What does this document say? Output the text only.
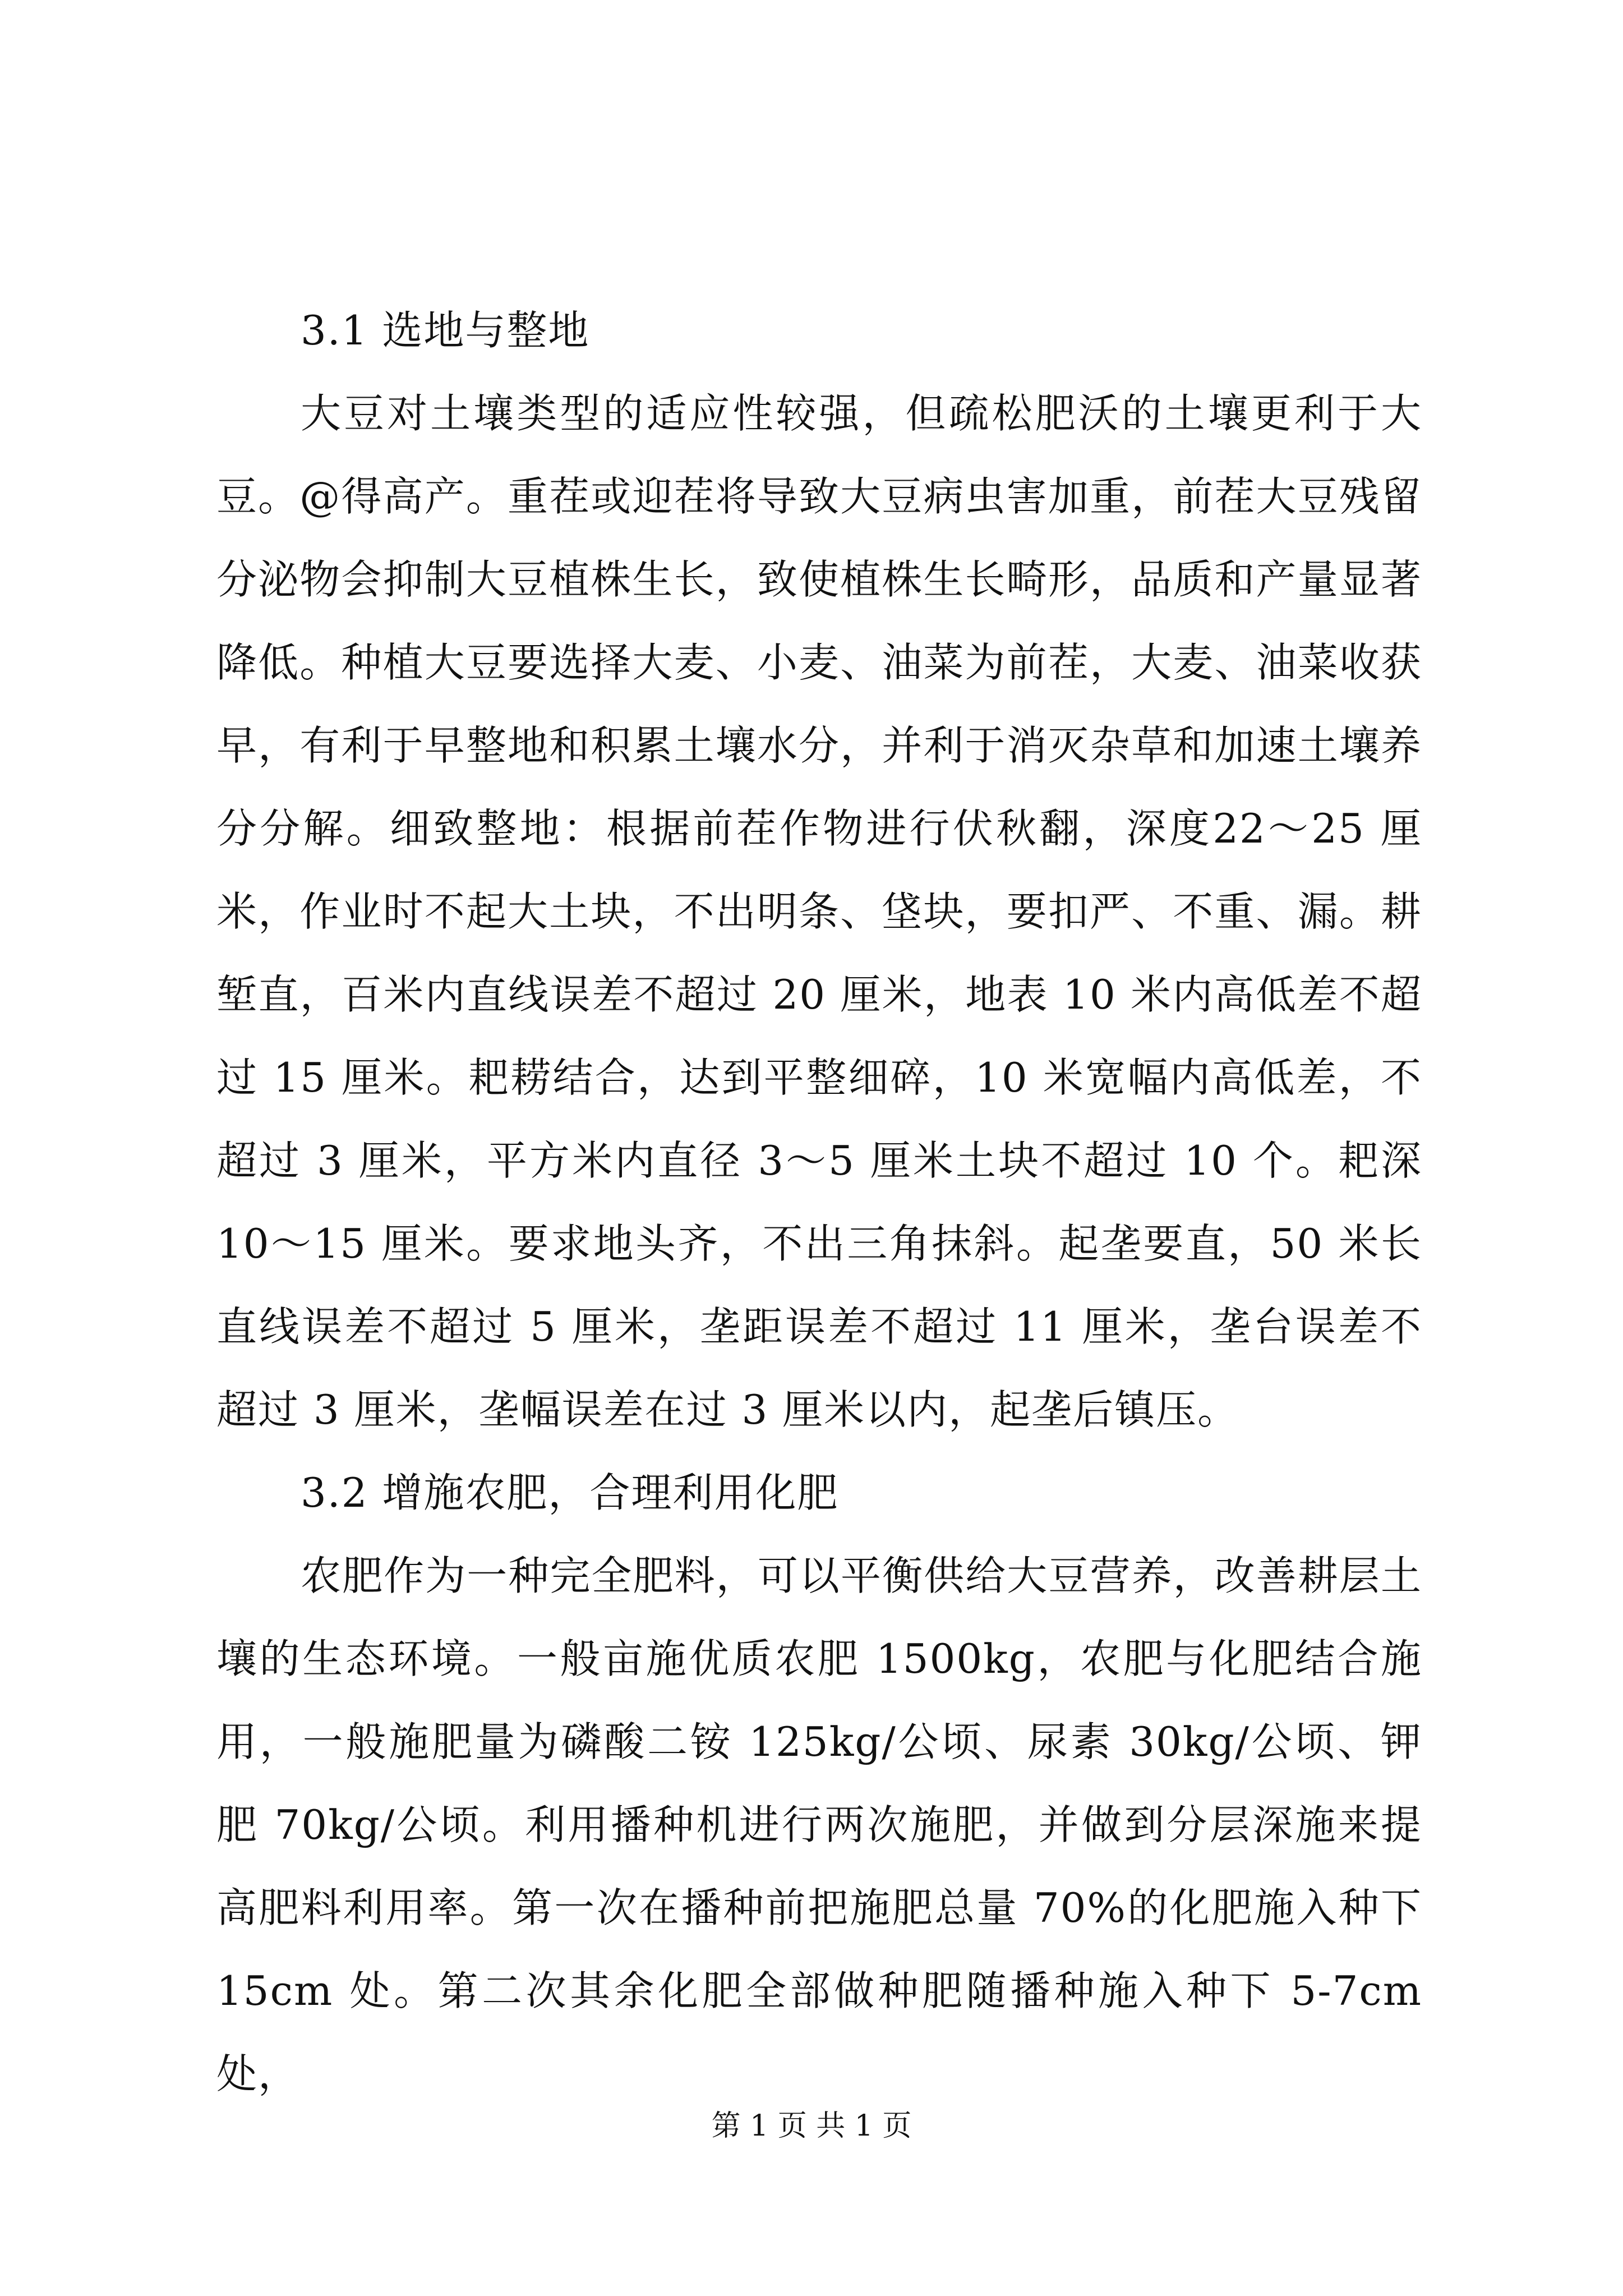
3.1 选地与整地

大豆对土壤类型的适应性较强，但疏松肥沃的土壤更利于大豆。@得高产。重茬或迎茬将导致大豆病虫害加重，前茬大豆残留分泌物会抑制大豆植株生长，致使植株生长畸形，品质和产量显著降低。种植大豆要选择大麦、小麦、油菜为前茬，大麦、油菜收获早，有利于早整地和积累土壤水分，并利于消灭杂草和加速土壤养分分解。细致整地：根据前茬作物进行伏秋翻，深度22～25 厘米，作业时不起大土块，不出明条、垡块，要扣严、不重、漏。耕堑直，百米内直线误差不超过 20 厘米，地表 10 米内高低差不超过 15 厘米。耙耢结合，达到平整细碎，10 米宽幅内高低差，不超过 3 厘米，平方米内直径 3～5 厘米土块不超过 10 个。耙深 10～15 厘米。要求地头齐，不出三角抹斜。起垄要直，50 米长直线误差不超过 5 厘米，垄距误差不超过 11 厘米，垄台误差不超过 3 厘米，垄幅误差在过 3 厘米以内，起垄后镇压。

3.2 增施农肥，合理利用化肥

农肥作为一种完全肥料，可以平衡供给大豆营养，改善耕层土壤的生态环境。一般亩施优质农肥 1500kg，农肥与化肥结合施用，一般施肥量为磷酸二铵 125kg/公顷、尿素 30kg/公顷、钾肥 70kg/公顷。利用播种机进行两次施肥，并做到分层深施来提高肥料利用率。第一次在播种前把施肥总量 70%的化肥施入种下15cm 处。第二次其余化肥全部做种肥随播种施入种下 5-7cm 处，

第 1 页 共 1 页
